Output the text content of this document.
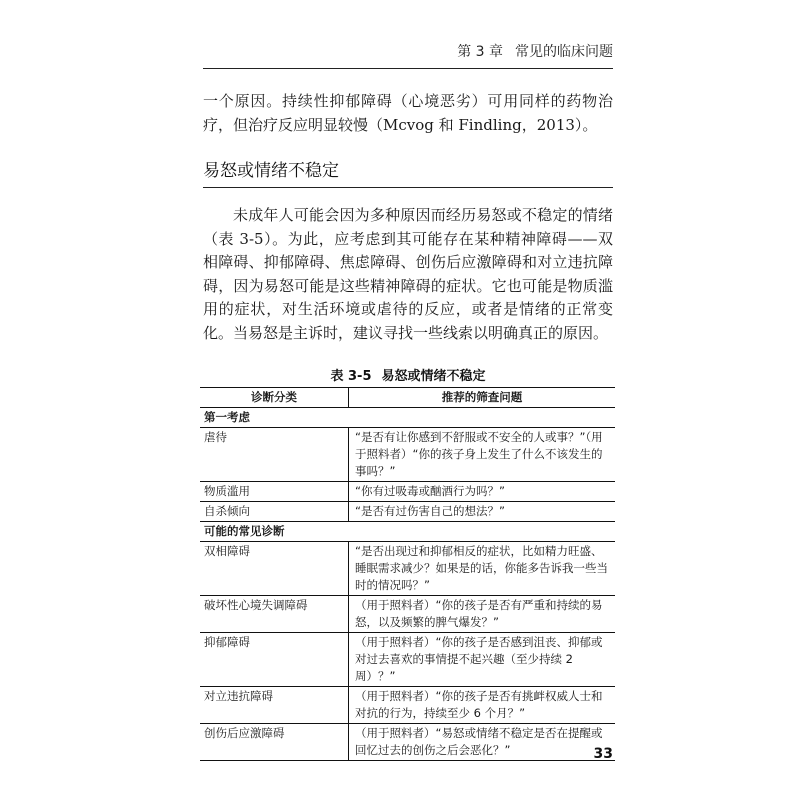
第 3 章 常见的临床问题
一个原因。持续性抑郁障碍（心境恶劣）可用同样的药物治疗，但治疗反应明显较慢（Mcvog 和 Findling，2013）。
易怒或情绪不稳定
未成年人可能会因为多种原因而经历易怒或不稳定的情绪（表 3-5）。为此，应考虑到其可能存在某种精神障碍——双相障碍、抑郁障碍、焦虑障碍、创伤后应激障碍和对立违抗障碍，因为易怒可能是这些精神障碍的症状。它也可能是物质滥用的症状，对生活环境或虐待的反应，或者是情绪的正常变化。当易怒是主诉时，建议寻找一些线索以明确真正的原因。
表 3-5 易怒或情绪不稳定
诊断分类	推荐的筛查问题
第一考虑	
虐待	“是否有让你感到不舒服或不安全的人或事？”（用于照料者）“你的孩子身上发生了什么不该发生的事吗？”
物质滥用	“你有过吸毒或酗酒行为吗？”
自杀倾向	“是否有过伤害自己的想法？”
可能的常见诊断	
双相障碍	“是否出现过和抑郁相反的症状，比如精力旺盛、睡眠需求减少？如果是的话，你能多告诉我一些当时的情况吗？”
破坏性心境失调障碍	（用于照料者）“你的孩子是否有严重和持续的易怒，以及频繁的脾气爆发？”
抑郁障碍	（用于照料者）“你的孩子是否感到沮丧、抑郁或对过去喜欢的事情提不起兴趣（至少持续 2 周）？”
对立违抗障碍	（用于照料者）“你的孩子是否有挑衅权威人士和对抗的行为，持续至少 6 个月？”
创伤后应激障碍	（用于照料者）“易怒或情绪不稳定是否在提醒或回忆过去的创伤之后会恶化？”	33
